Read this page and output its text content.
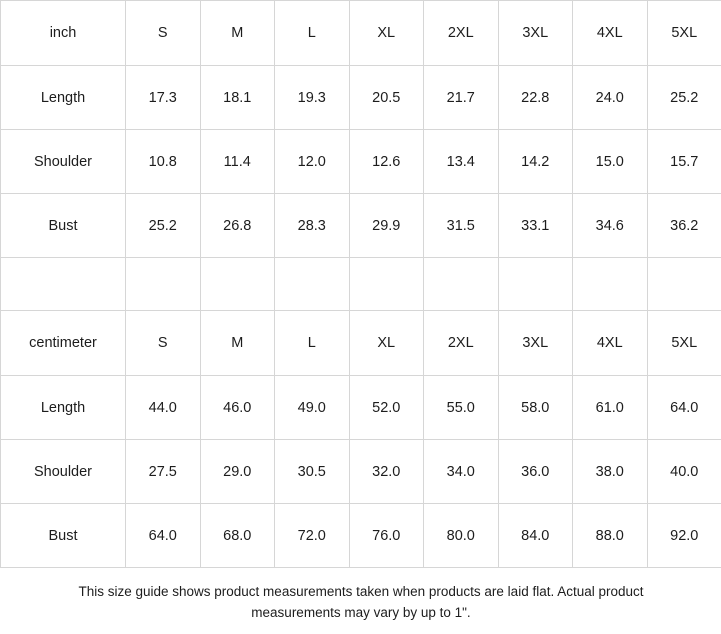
inch	S	M	L	XL	2XL	3XL	4XL	5XL
Length	17.3	18.1	19.3	20.5	21.7	22.8	24.0	25.2
Shoulder	10.8	11.4	12.0	12.6	13.4	14.2	15.0	15.7
Bust	25.2	26.8	28.3	29.9	31.5	33.1	34.6	36.2

centimeter	S	M	L	XL	2XL	3XL	4XL	5XL
Length	44.0	46.0	49.0	52.0	55.0	58.0	61.0	64.0
Shoulder	27.5	29.0	30.5	32.0	34.0	36.0	38.0	40.0
Bust	64.0	68.0	72.0	76.0	80.0	84.0	88.0	92.0
This size guide shows product measurements taken when products are laid flat. Actual product
measurements may vary by up to 1".
